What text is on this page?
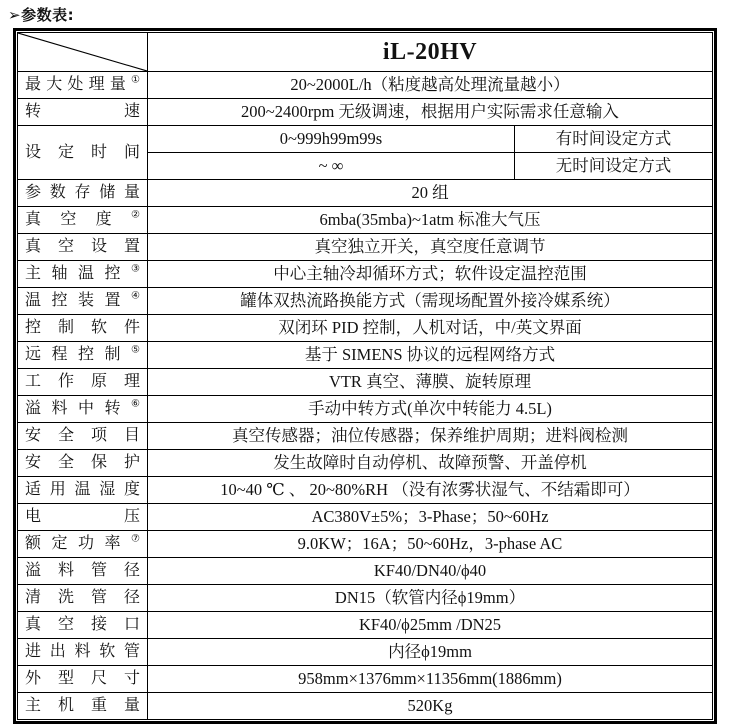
➢参数表:
	iL-20HV	
最大处理量①	20~2000L/h（粘度越高处理流量越小）	
转速	200~2400rpm 无级调速，根据用户实际需求任意输入	
设定时间	0~999h99m99s	有时间设定方式
	~ ∞	无时间设定方式
参数存储量	20 组	
真空度②	6mba(35mba)~1atm 标准大气压	
真空设置	真空独立开关，真空度任意调节	
主轴温控③	中心主轴冷却循环方式；软件设定温控范围	
温控装置④	罐体双热流路换能方式（需现场配置外接冷媒系统）	
控制软件	双闭环 PID 控制，人机对话，中/英文界面	
远程控制⑤	基于 SIMENS 协议的远程网络方式	
工作原理	VTR 真空、薄膜、旋转原理	
溢料中转⑥	手动中转方式(单次中转能力 4.5L)	
安全项目	真空传感器；油位传感器；保养维护周期；进料阀检测	
安全保护	发生故障时自动停机、故障预警、开盖停机	
适用温湿度	10~40 ℃ 、 20~80%RH （没有浓雾状湿气、不结霜即可）	
电压	AC380V±5%；3-Phase；50~60Hz	
额定功率⑦	9.0KW；16A；50~60Hz，3-phase AC	
溢料管径	KF40/DN40/ϕ40	
清洗管径	DN15（软管内径ϕ19mm）	
真空接口	KF40/ϕ25mm /DN25	
进出料软管	内径ϕ19mm	
外型尺寸	958mm×1376mm×11356mm(1886mm)	
主机重量	520Kg	
